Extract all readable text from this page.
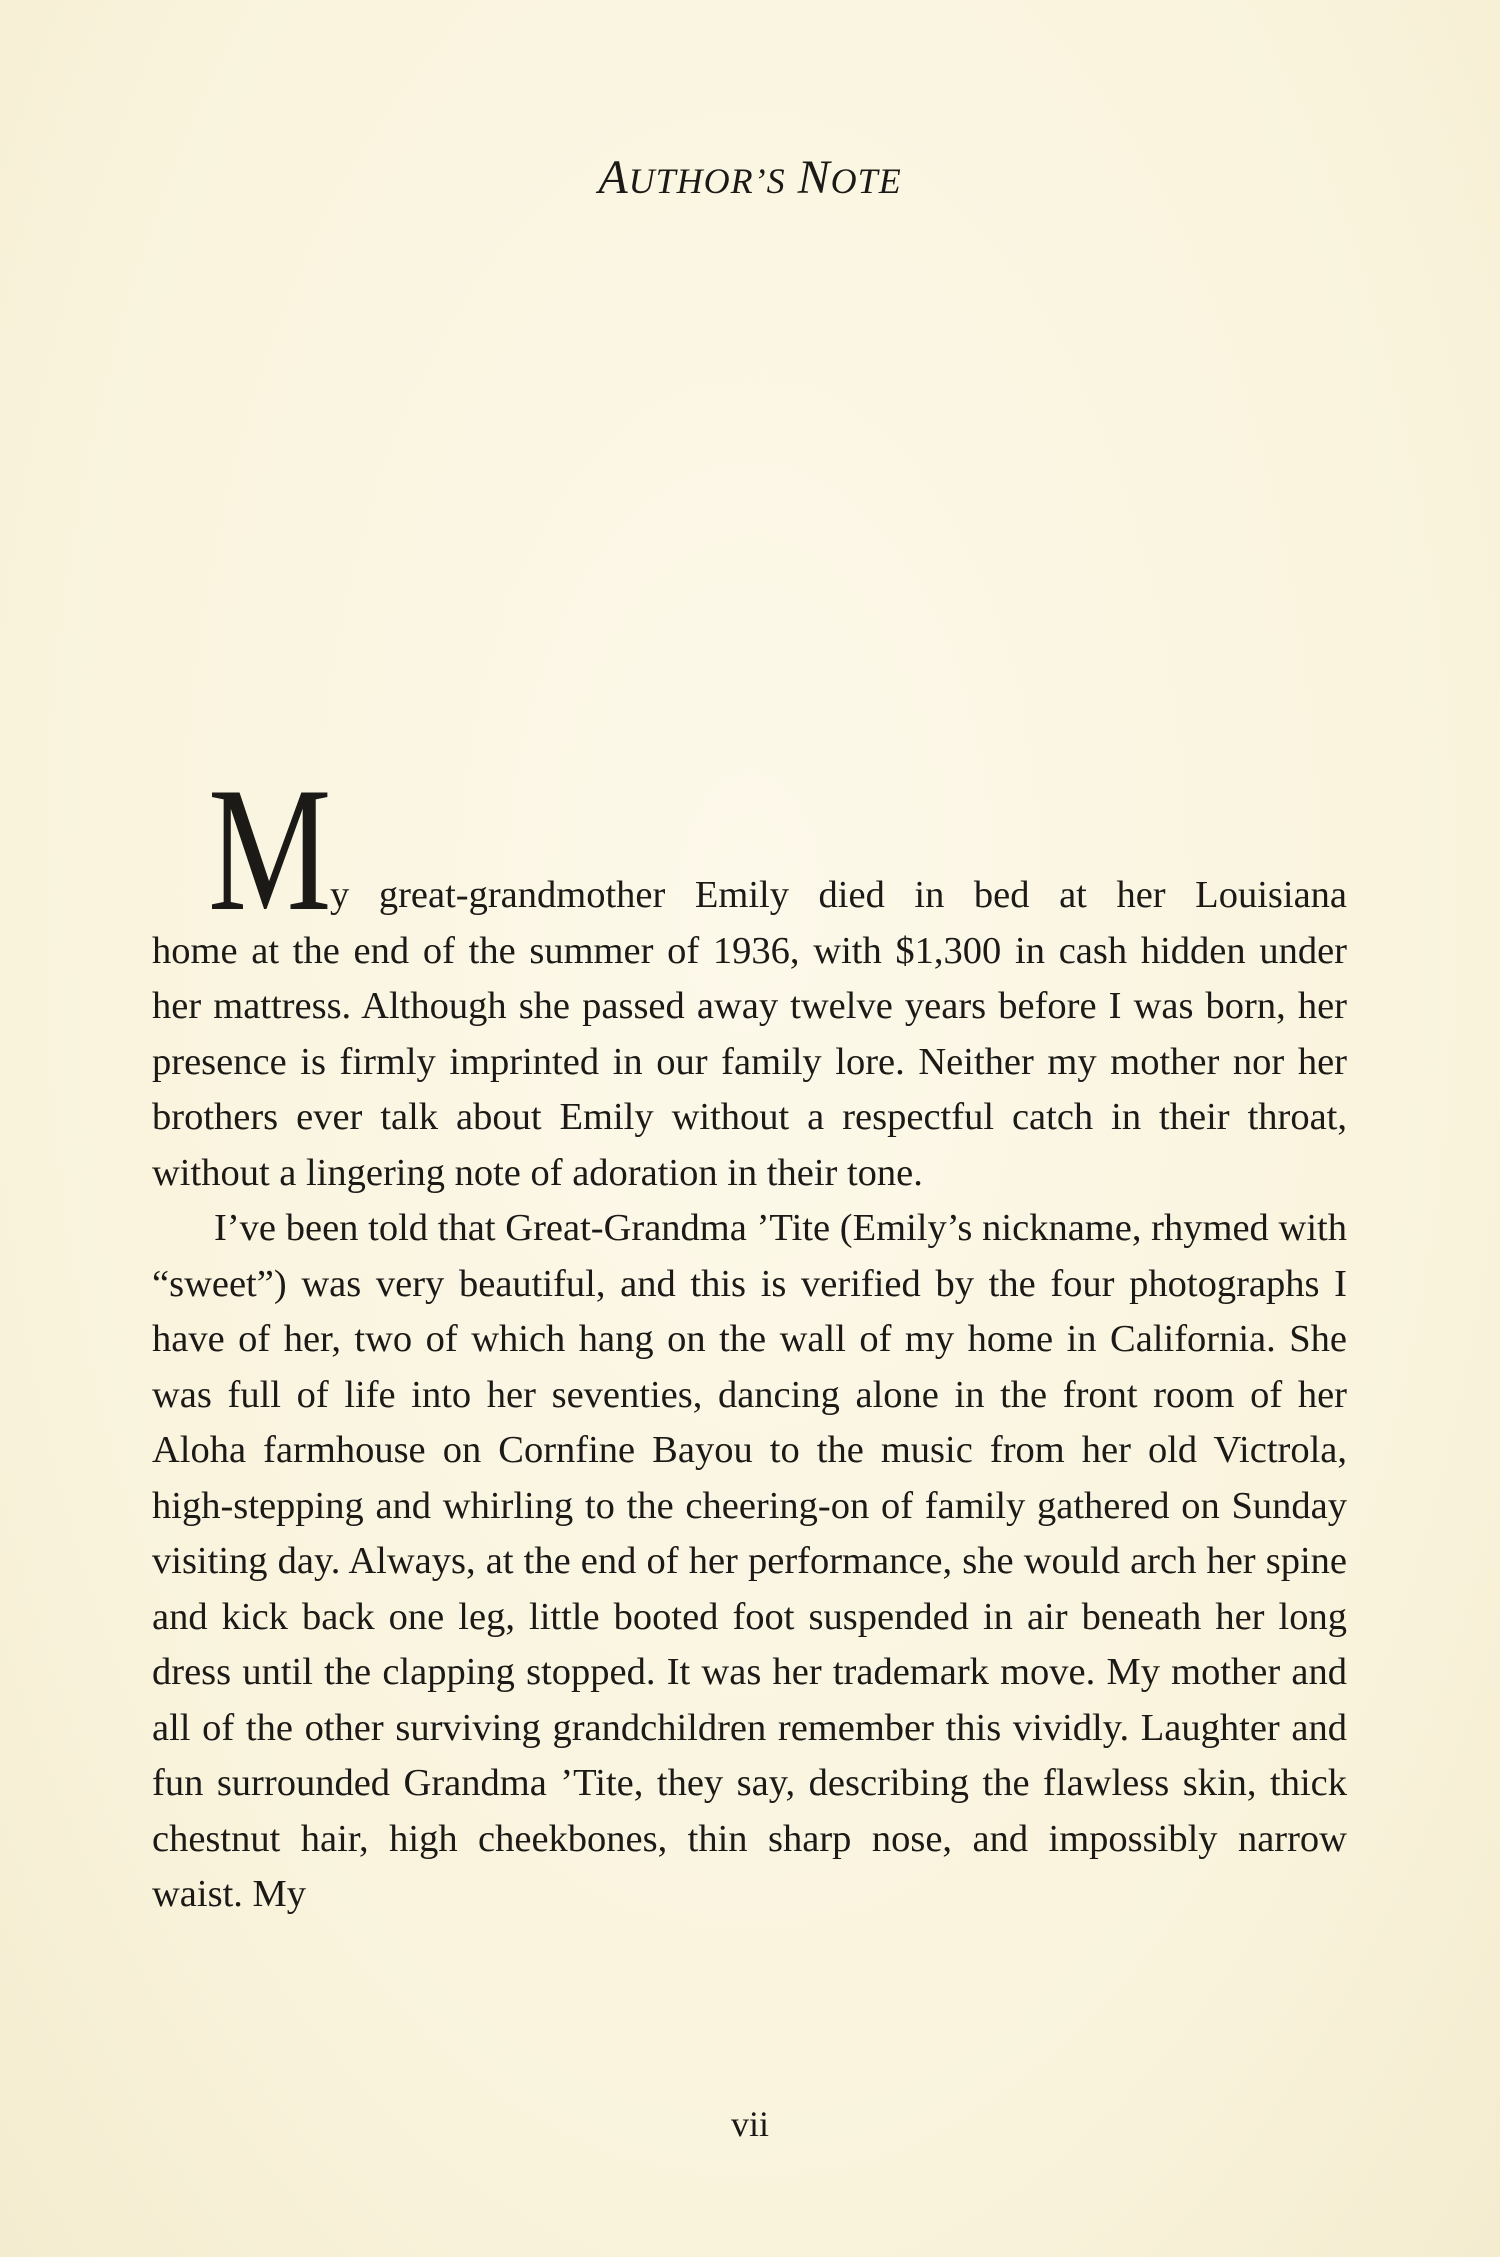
AUTHOR’S NOTE
M
y great-grandmother Emily died in bed at her Louisiana

home at the end of the summer of 1936, with $1,300 in cash hidden under her mattress. Although she passed away twelve years before I was born, her presence is firmly imprinted in our family lore. Neither my mother nor her brothers ever talk about Emily without a respectful catch in their throat, without a lingering note of adoration in their tone.

I’ve been told that Great-Grandma ’Tite (Emily’s nickname, rhymed with “sweet”) was very beautiful, and this is verified by the four photographs I have of her, two of which hang on the wall of my home in California. She was full of life into her seventies, dancing alone in the front room of her Aloha farmhouse on Cornfine Bayou to the music from her old Victrola, high-stepping and whirling to the cheering-on of family gathered on Sunday visiting day. Always, at the end of her performance, she would arch her spine and kick back one leg, little booted foot suspended in air beneath her long dress until the clapping stopped. It was her trademark move. My mother and all of the other surviving grandchildren remember this vividly. Laughter and fun surrounded Grandma ’Tite, they say, describing the flawless skin, thick chestnut hair, high cheekbones, thin sharp nose, and impossibly narrow waist. My

vii
